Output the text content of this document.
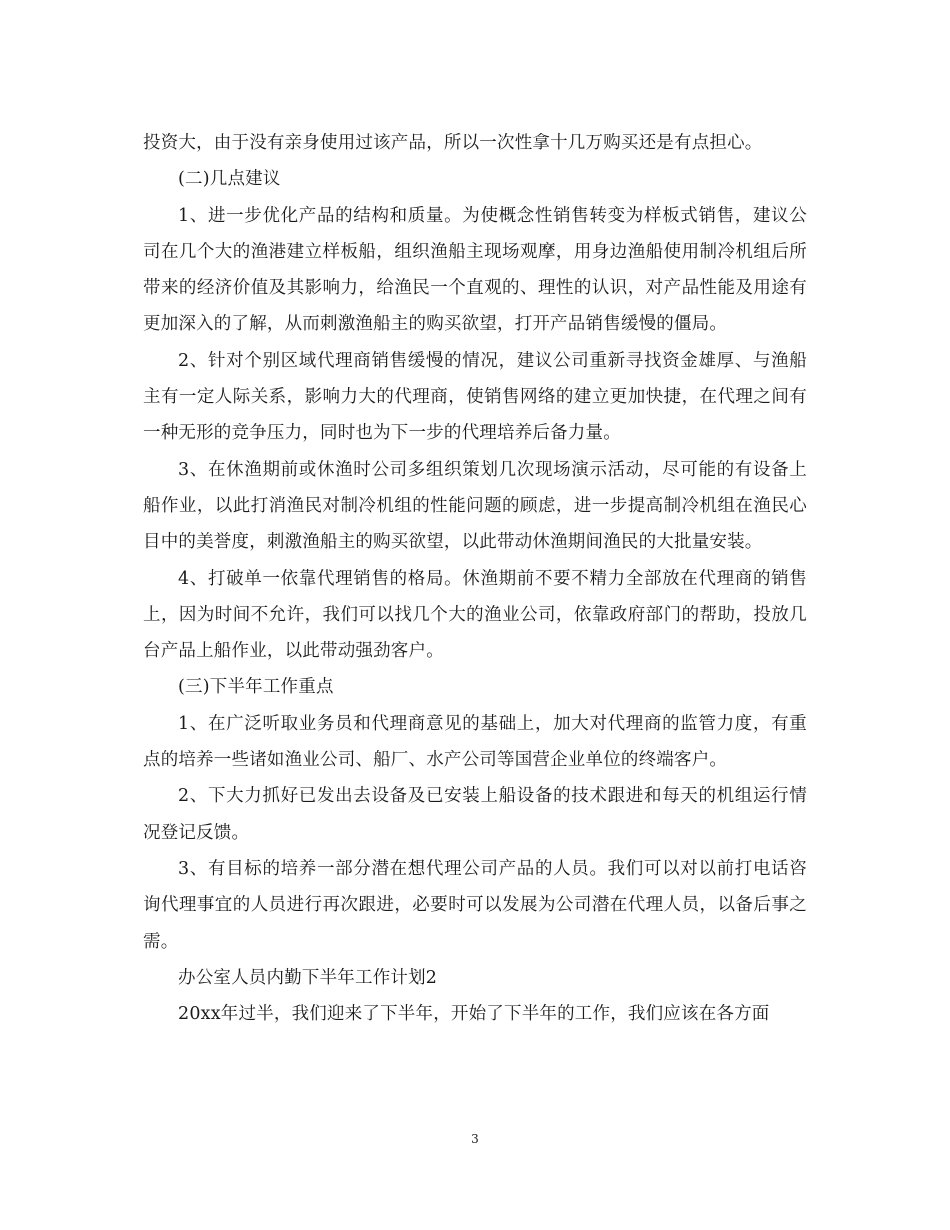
投资大，由于没有亲身使用过该产品，所以一次性拿十几万购买还是有点担心。

(二)几点建议

1、进一步优化产品的结构和质量。为使概念性销售转变为样板式销售，建议公司在几个大的渔港建立样板船，组织渔船主现场观摩，用身边渔船使用制冷机组后所带来的经济价值及其影响力，给渔民一个直观的、理性的认识，对产品性能及用途有更加深入的了解，从而刺激渔船主的购买欲望，打开产品销售缓慢的僵局。

2、针对个别区域代理商销售缓慢的情况，建议公司重新寻找资金雄厚、与渔船主有一定人际关系，影响力大的代理商，使销售网络的建立更加快捷，在代理之间有一种无形的竞争压力，同时也为下一步的代理培养后备力量。

3、在休渔期前或休渔时公司多组织策划几次现场演示活动，尽可能的有设备上船作业，以此打消渔民对制冷机组的性能问题的顾虑，进一步提高制冷机组在渔民心目中的美誉度，刺激渔船主的购买欲望，以此带动休渔期间渔民的大批量安装。

4、打破单一依靠代理销售的格局。休渔期前不要不精力全部放在代理商的销售上，因为时间不允许，我们可以找几个大的渔业公司，依靠政府部门的帮助，投放几台产品上船作业，以此带动强劲客户。

(三)下半年工作重点

1、在广泛听取业务员和代理商意见的基础上，加大对代理商的监管力度，有重点的培养一些诸如渔业公司、船厂、水产公司等国营企业单位的终端客户。

2、下大力抓好已发出去设备及已安装上船设备的技术跟进和每天的机组运行情况登记反馈。

3、有目标的培养一部分潜在想代理公司产品的人员。我们可以对以前打电话咨询代理事宜的人员进行再次跟进，必要时可以发展为公司潜在代理人员，以备后事之需。

办公室人员内勤下半年工作计划2

20xx年过半，我们迎来了下半年，开始了下半年的工作，我们应该在各方面

3
